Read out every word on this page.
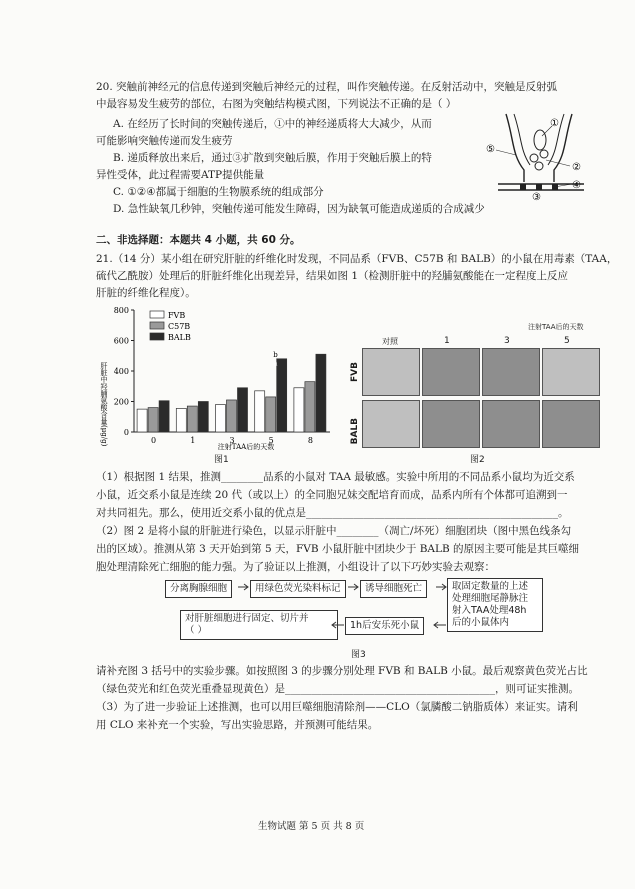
20. 突触前神经元的信息传递到突触后神经元的过程，叫作突触传递。在反射活动中，突触是反射弧
中最容易发生疲劳的部位，右图为突触结构模式图，下列说法不正确的是（ ）
A. 在经历了长时间的突触传递后，①中的神经递质将大大减少，从而
可能影响突触传递而发生疲劳
B. 递质释放出来后，通过③扩散到突触后膜，作用于突触后膜上的特
异性受体，此过程需要ATP提供能量
C. ①②④都属于细胞的生物膜系统的组成部分
D. 急性缺氧几秒钟，突触传递可能发生障碍，因为缺氧可能造成递质的合成减少
⑤
①
②
④
③
二、非选择题：本题共 4 小题，共 60 分。
21.（14 分）某小组在研究肝脏的纤维化时发现，不同品系（FVB、C57B 和 BALB）的小鼠在用毒素（TAA，
硫代乙酰胺）处理后的肝脏纤维化出现差异，结果如图 1（检测肝脏中的羟脯氨酸能在一定程度上反应
肝脏的纤维化程度）。
肝脏中羟脯氨酸含量(μg/g) 0
200
400
600
800
0	1	3	5	8
FVB
C57B
BALB
a
b
注射TAA后的天数
图1
注射TAA后的天数
对照	1	3	5
FVB
BALB
图2
（1）根据图 1 结果，推测________品系的小鼠对 TAA 最敏感。实验中所用的不同品系小鼠均为近交系
小鼠，近交系小鼠是连续 20 代（或以上）的全同胞兄妹交配培育而成，品系内所有个体都可追溯到一
对共同祖先。那么，使用近交系小鼠的优点是________________________________________________。
（2）图 2 是将小鼠的肝脏进行染色，以显示肝脏中________（凋亡/坏死）细胞团块（图中黑色线条勾
出的区域）。推测从第 3 天开始到第 5 天，FVB 小鼠肝脏中团块少于 BALB 的原因主要可能是其巨噬细
胞处理清除死亡细胞的能力强。为了验证以上推测，小组设计了以下巧妙实验去观察：
分离胸腺细胞	用绿色荧光染料标记	诱导细胞死亡	取固定数量的上述
处理细胞尾静脉注
射入TAA处理48h
后的小鼠体内
1h后安乐死小鼠
对肝脏细胞进行固定、切片并
（ ）
图3
请补充图 3 括号中的实验步骤。如按照图 3 的步骤分别处理 FVB 和 BALB 小鼠。最后观察黄色荧光占比
（绿色荧光和红色荧光重叠显现黄色）是________________________________________，则可证实推测。
（3）为了进一步验证上述推测，也可以用巨噬细胞清除剂——CLO（氯膦酸二钠脂质体）来证实。请利
用 CLO 来补充一个实验，写出实验思路，并预测可能结果。
生物试题 第 5 页 共 8 页
